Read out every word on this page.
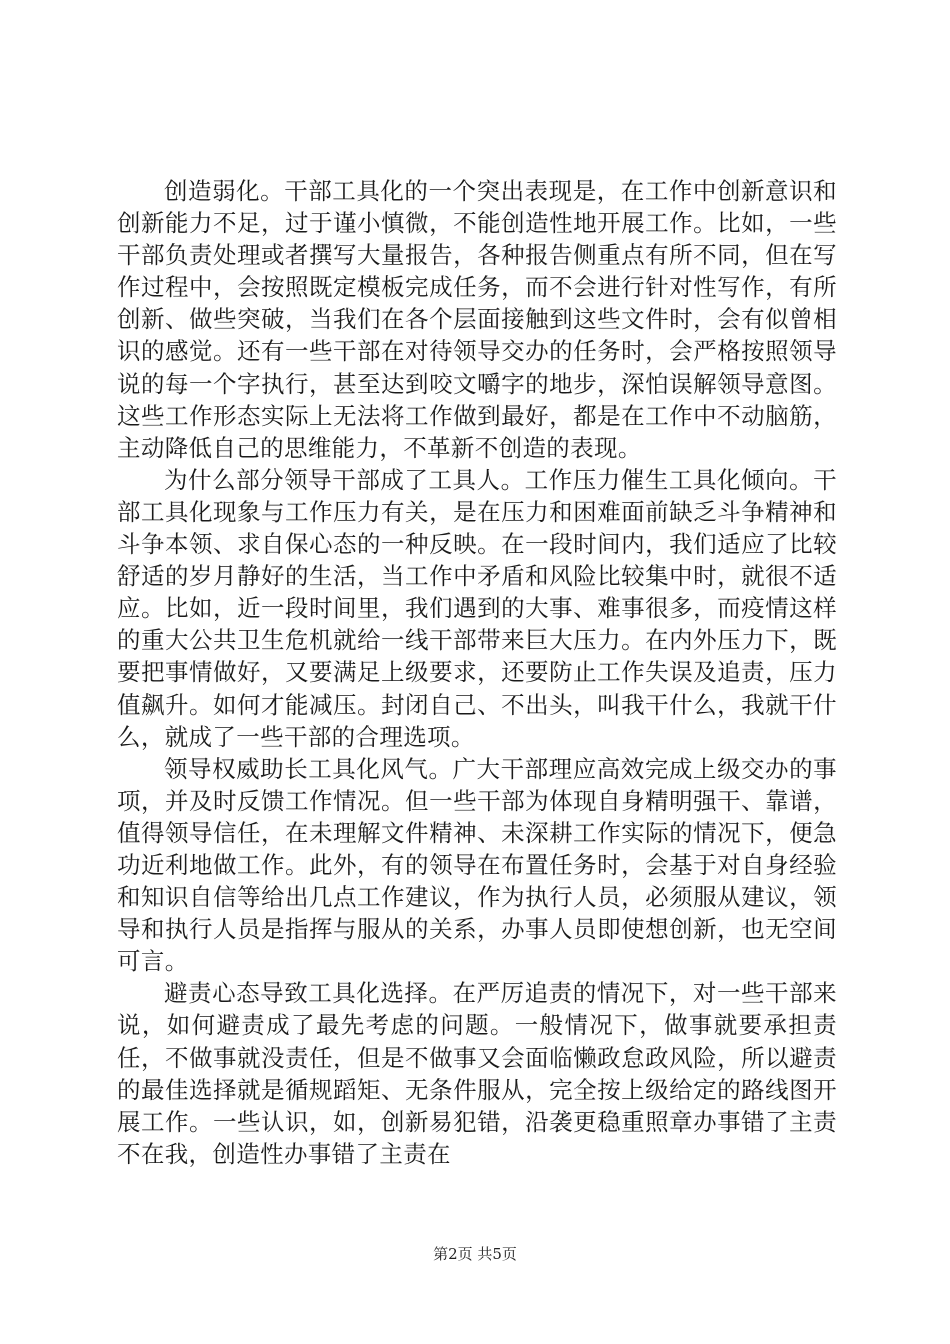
创造弱化。干部工具化的一个突出表现是，在工作中创新意识和创新能力不足，过于谨小慎微，不能创造性地开展工作。比如，一些干部负责处理或者撰写大量报告，各种报告侧重点有所不同，但在写作过程中，会按照既定模板完成任务，而不会进行针对性写作，有所创新、做些突破，当我们在各个层面接触到这些文件时，会有似曾相识的感觉。还有一些干部在对待领导交办的任务时，会严格按照领导说的每一个字执行，甚至达到咬文嚼字的地步，深怕误解领导意图。这些工作形态实际上无法将工作做到最好，都是在工作中不动脑筋，主动降低自己的思维能力，不革新不创造的表现。

为什么部分领导干部成了工具人。工作压力催生工具化倾向。干部工具化现象与工作压力有关，是在压力和困难面前缺乏斗争精神和斗争本领、求自保心态的一种反映。在一段时间内，我们适应了比较舒适的岁月静好的生活，当工作中矛盾和风险比较集中时，就很不适应。比如，近一段时间里，我们遇到的大事、难事很多，而疫情这样的重大公共卫生危机就给一线干部带来巨大压力。在内外压力下，既要把事情做好，又要满足上级要求，还要防止工作失误及追责，压力值飙升。如何才能减压。封闭自己、不出头，叫我干什么，我就干什么，就成了一些干部的合理选项。

领导权威助长工具化风气。广大干部理应高效完成上级交办的事项，并及时反馈工作情况。但一些干部为体现自身精明强干、靠谱，值得领导信任，在未理解文件精神、未深耕工作实际的情况下，便急功近利地做工作。此外，有的领导在布置任务时，会基于对自身经验和知识自信等给出几点工作建议，作为执行人员，必须服从建议，领导和执行人员是指挥与服从的关系，办事人员即使想创新，也无空间可言。

避责心态导致工具化选择。在严厉追责的情况下，对一些干部来说，如何避责成了最先考虑的问题。一般情况下，做事就要承担责任，不做事就没责任，但是不做事又会面临懒政怠政风险，所以避责的最佳选择就是循规蹈矩、无条件服从，完全按上级给定的路线图开展工作。一些认识，如，创新易犯错，沿袭更稳重照章办事错了主责不在我，创造性办事错了主责在

第2页 共5页
